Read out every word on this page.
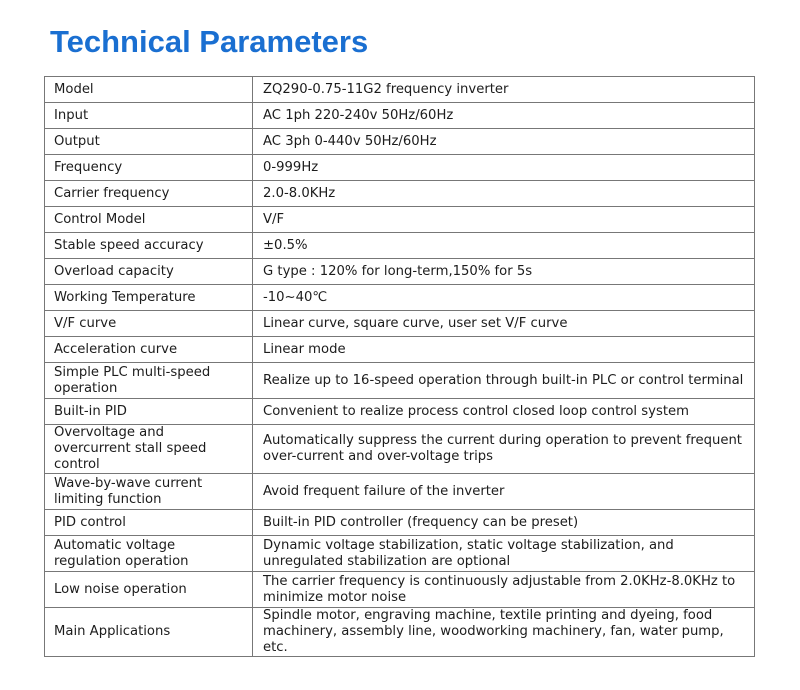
Technical Parameters
Model	ZQ290-0.75-11G2 frequency inverter
Input	AC 1ph 220-240v 50Hz/60Hz
Output	AC 3ph 0-440v 50Hz/60Hz
Frequency	0-999Hz
Carrier frequency	2.0-8.0KHz
Control Model	V/F
Stable speed accuracy	±0.5%
Overload capacity	G type : 120% for long-term,150% for 5s
Working Temperature	-10~40℃
V/F curve	Linear curve, square curve, user set V/F curve
Acceleration curve	Linear mode
Simple PLC multi-speed operation	Realize up to 16-speed operation through built-in PLC or control terminal
Built-in PID	Convenient to realize process control closed loop control system
Overvoltage and overcurrent stall speed control	Automatically suppress the current during operation to prevent frequent over-current and over-voltage trips
Wave-by-wave current limiting function	Avoid frequent failure of the inverter
PID control	Built-in PID controller (frequency can be preset)
Automatic voltage regulation operation	Dynamic voltage stabilization, static voltage stabilization, and unregulated stabilization are optional
Low noise operation	The carrier frequency is continuously adjustable from 2.0KHz-8.0KHz to minimize motor noise
Main Applications	Spindle motor, engraving machine, textile printing and dyeing, food machinery, assembly line, woodworking machinery, fan, water pump, etc.
